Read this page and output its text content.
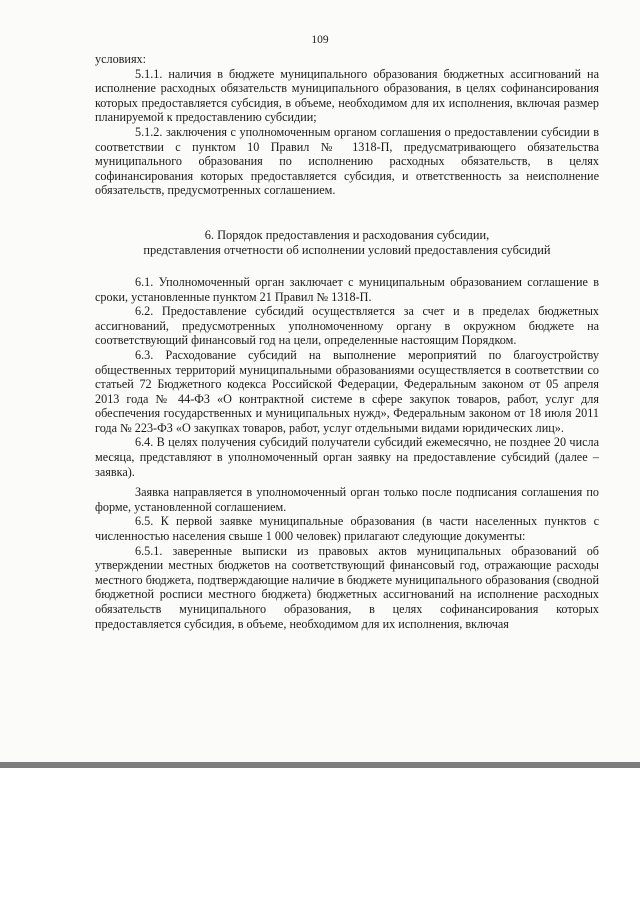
109

условиях:

5.1.1. наличия в бюджете муниципального образования бюджетных ассигнований на исполнение расходных обязательств муниципального образования, в целях софинансирования которых предоставляется субсидия, в объеме, необходимом для их исполнения, включая размер планируемой к предоставлению субсидии;

5.1.2. заключения с уполномоченным органом соглашения о предоставлении субсидии в соответствии с пунктом 10 Правил № 1318-П, предусматривающего обязательства муниципального образования по исполнению расходных обязательств, в целях софинансирования которых предоставляется субсидия, и ответственность за неисполнение обязательств, предусмотренных соглашением.

6. Порядок предоставления и расходования субсидии,
представления отчетности об исполнении условий предоставления субсидий

6.1. Уполномоченный орган заключает с муниципальным образованием соглашение в сроки, установленные пунктом 21 Правил № 1318-П.

6.2. Предоставление субсидий осуществляется за счет и в пределах бюджетных ассигнований, предусмотренных уполномоченному органу в окружном бюджете на соответствующий финансовый год на цели, определенные настоящим Порядком.

6.3. Расходование субсидий на выполнение мероприятий по благоустройству общественных территорий муниципальными образованиями осуществляется в соответствии со статьей 72 Бюджетного кодекса Российской Федерации, Федеральным законом от 05 апреля 2013 года № 44-ФЗ «О контрактной системе в сфере закупок товаров, работ, услуг для обеспечения государственных и муниципальных нужд», Федеральным законом от 18 июля 2011 года № 223-ФЗ «О закупках товаров, работ, услуг отдельными видами юридических лиц».

6.4. В целях получения субсидий получатели субсидий ежемесячно, не позднее 20 числа месяца, представляют в уполномоченный орган заявку на предоставление субсидий (далее – заявка).

Заявка направляется в уполномоченный орган только после подписания соглашения по форме, установленной соглашением.

6.5. К первой заявке муниципальные образования (в части населенных пунктов с численностью населения свыше 1 000 человек) прилагают следующие документы:

6.5.1. заверенные выписки из правовых актов муниципальных образований об утверждении местных бюджетов на соответствующий финансовый год, отражающие расходы местного бюджета, подтверждающие наличие в бюджете муниципального образования (сводной бюджетной росписи местного бюджета) бюджетных ассигнований на исполнение расходных обязательств муниципального образования, в целях софинансирования которых предоставляется субсидия, в объеме, необходимом для их исполнения, включая
